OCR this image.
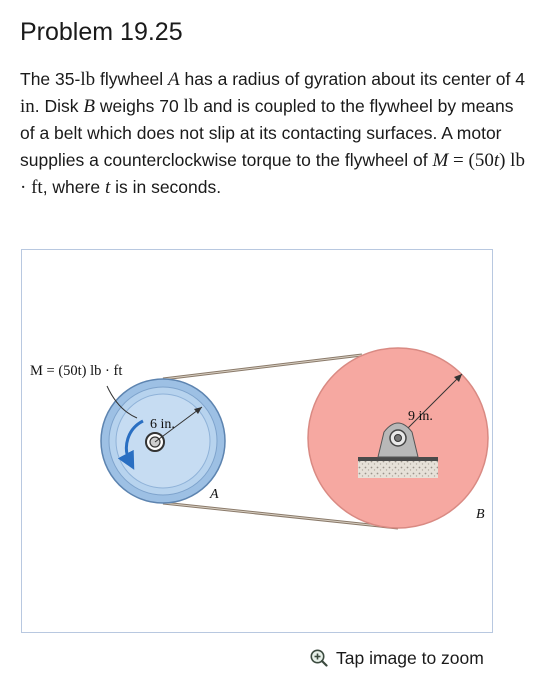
Problem 19.25

The 35-lb flywheel A has a radius of gyration about its center of 4 in. Disk B weighs 70 lb and is coupled to the flywheel by means of a belt which does not slip at its contacting surfaces. A motor supplies a counterclockwise torque to the flywheel of M = (50t) lb · ft, where t is in seconds.

M = (50t) lb · ft
6 in.
9 in.
A
B
Tap image to zoom
